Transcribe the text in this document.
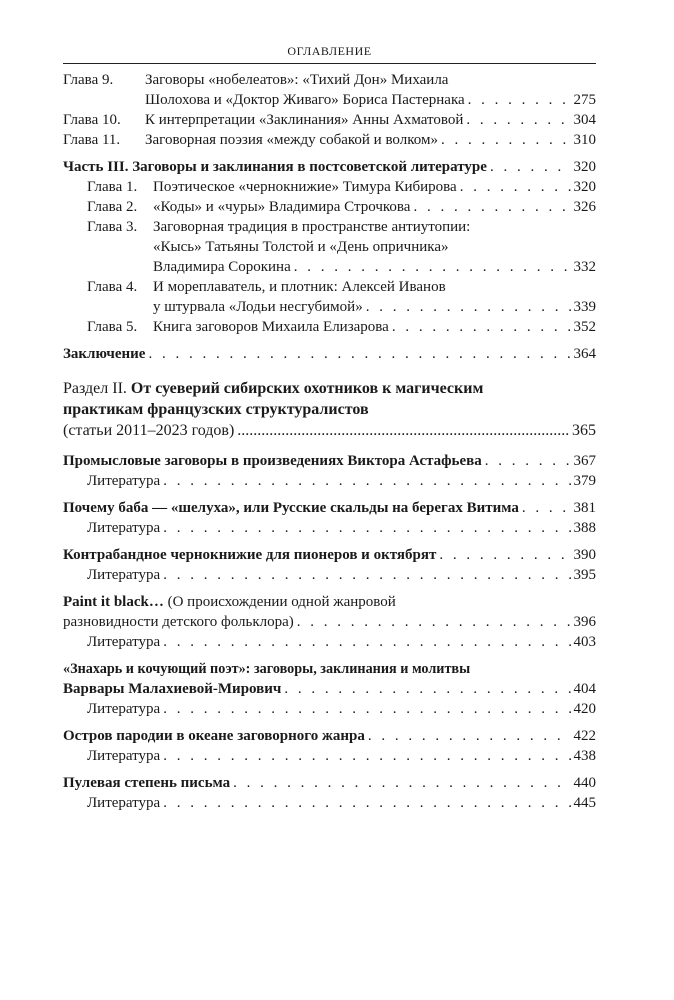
ОГЛАВЛЕНИЕ
Глава 9.	Заговоры «нобелеатов»: «Тихий Дон» Михаила
Шолохова и «Доктор Живаго» Бориса Пастернака . . .	275
Глава 10.	К интерпретации «Заклинания» Анны Ахматовой . . .	304
Глава 11.	Заговорная поэзия «между собакой и волком» . . .	310
Часть III. Заговоры и заклинания в постсоветской литературе . . .	320
Глава 1.	Поэтическое «чернокнижие» Тимура Кибирова . . .	320
Глава 2.	«Коды» и «чуры» Владимира Строчкова . . .	326
Глава 3.	Заговорная традиция в пространстве антиутопии:
«Кысь» Татьяны Толстой и «День опричника»
Владимира Сорокина . . .	332
Глава 4.	И мореплаватель, и плотник: Алексей Иванов
у штурвала «Лодьи несгубимой» . . .	339
Глава 5.	Книга заговоров Михаила Елизарова . . .	352
Заключение . . .	364
Раздел II. От суеверий сибирских охотников к магическим
практикам французских структуралистов
(статьи 2011–2023 годов) .....	365
Промысловые заговоры в произведениях Виктора Астафьева . . .	367
Литература . . .	379
Почему баба — «шелуха», или Русские скальды на берегах Витима . . .	381
Литература . . .	388
Контрабандное чернокнижие для пионеров и октябрят . . .	390
Литература . . .	395
Paint it black… (О происхождении одной жанровой
разновидности детского фольклора) . . .	396
Литература . . .	403
«Знахарь и кочующий поэт»: заговоры, заклинания и молитвы
Варвары Малахиевой-Мирович . . .	404
Литература . . .	420
Остров пародии в океане заговорного жанра . . .	422
Литература . . .	438
Пулевая степень письма . . .	440
Литература . . .	445
